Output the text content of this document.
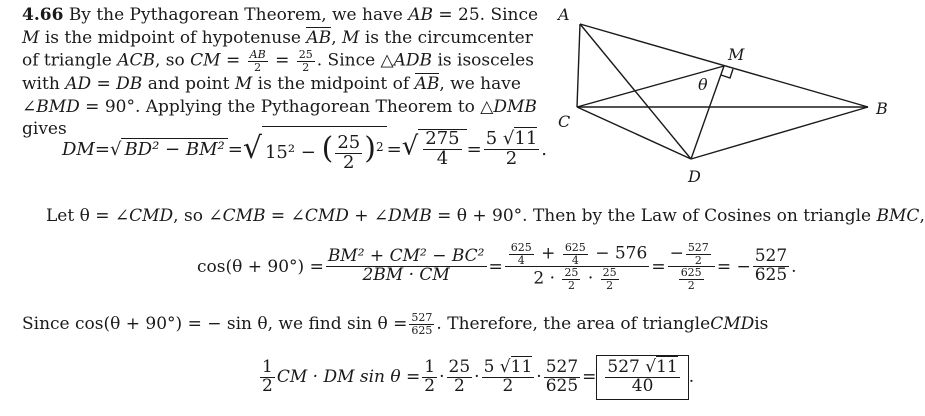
4.66 By the Pythagorean Theorem, we have AB = 25. Since M is the midpoint of hypotenuse AB, M is the circumcenter of triangle ACB, so CM = $\frac{AB}{2} = \frac{25}{2}$ . Since △ADB is isosceles with AD = DB and point M is the midpoint of AB, we have ∠BMD = 90°. Applying the Pythagorean Theorem to △DMB gives
A
M
B
C
D
θ
DM = √ BD² − BM² = √ 15² − ( $\frac{25}{2} )^2$ = √ $\frac{275}{4} = \frac{5 √11}{2}$ .
Let θ = ∠CMD, so ∠CMB = ∠CMD + ∠DMB = θ + 90°. Then by the Law of Cosines on triangle BMC,
$\cos(\theta + 90^\circ) = \frac{\text{BM² + CM² − BC²}}{2BM \cdot CM} = \frac{\frac{625}{4} + \frac{625}{4} - 576}{2 \cdot \frac{25}{2} \cdot \frac{25}{2}} = \frac{- \frac{527}{2}}{\frac{625}{2}}$ = − $\frac{527}{625}$ .
Since cos(θ + 90°) = − sin θ, we find $\sin \theta = \frac{527}{625}$ . Therefore, the area of triangle CMD is
$\frac{1}{2}$ CM · DM $\sin \theta = \frac{1}{2} \cdot \frac{25}{2} \cdot \frac{5 √11}{2} \cdot \frac{527}{625} = \frac{527 √11}{40}$ .
